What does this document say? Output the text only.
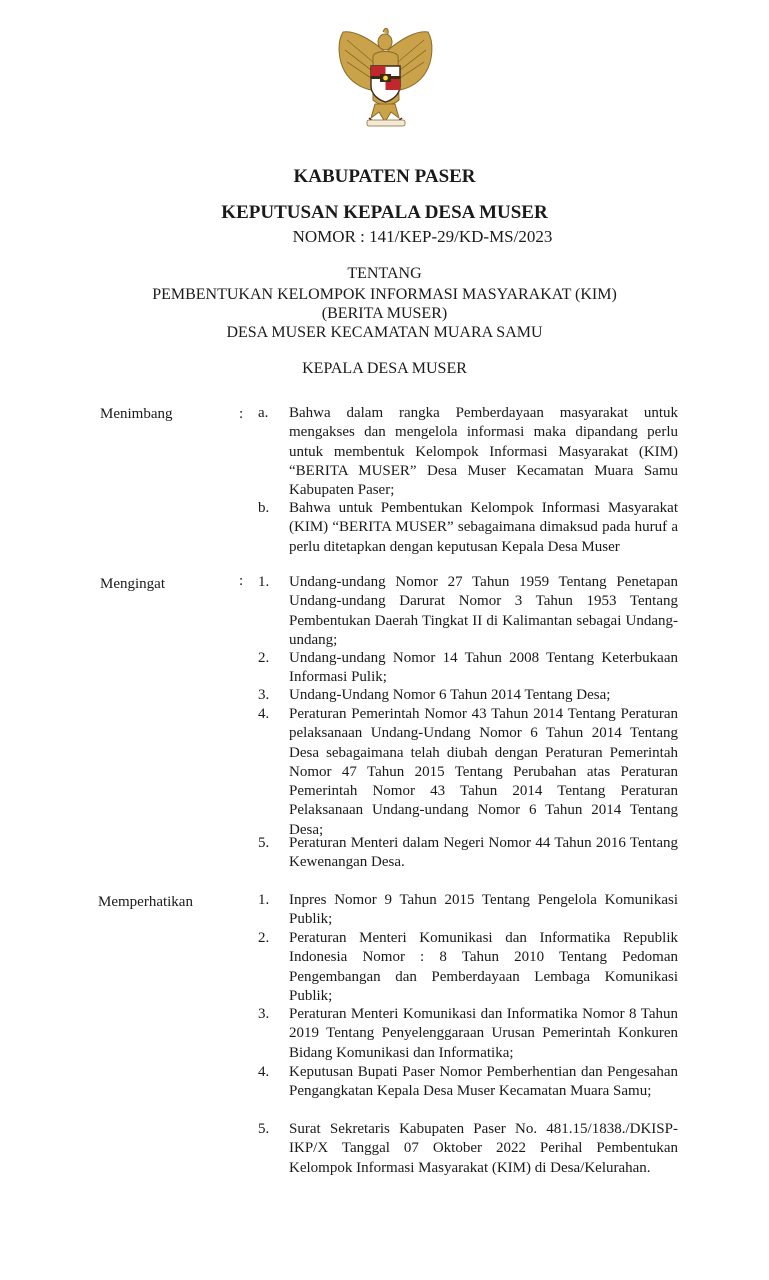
KABUPATEN PASER
KEPUTUSAN KEPALA DESA MUSER
NOMOR : 141/KEP-29/KD-MS/2023
TENTANG
PEMBENTUKAN KELOMPOK INFORMASI MASYARAKAT (KIM)
(BERITA MUSER)
DESA MUSER KECAMATAN MUARA SAMU
KEPALA DESA MUSER
Menimbang	: a.	Bahwa dalam rangka Pemberdayaan masyarakat untuk mengakses dan mengelola informasi maka dipandang perlu untuk membentuk Kelompok Informasi Masyarakat (KIM) “BERITA MUSER” Desa Muser Kecamatan Muara Samu Kabupaten Paser;
b.	Bahwa untuk Pembentukan Kelompok Informasi Masyarakat (KIM) “BERITA MUSER” sebagaimana dimaksud pada huruf a perlu ditetapkan dengan keputusan Kepala Desa Muser
Mengingat	: 1.	Undang-undang Nomor 27 Tahun 1959 Tentang Penetapan Undang-undang Darurat Nomor 3 Tahun 1953 Tentang Pembentukan Daerah Tingkat II di Kalimantan sebagai Undang-undang;
2.	Undang-undang Nomor 14 Tahun 2008 Tentang Keterbukaan Informasi Pulik;
3.	Undang-Undang Nomor 6 Tahun 2014 Tentang Desa;
4.	Peraturan Pemerintah Nomor 43 Tahun 2014 Tentang Peraturan pelaksanaan Undang-Undang Nomor 6 Tahun 2014 Tentang Desa sebagaimana telah diubah dengan Peraturan Pemerintah Nomor 47 Tahun 2015 Tentang Perubahan atas Peraturan Pemerintah Nomor 43 Tahun 2014 Tentang Peraturan Pelaksanaan Undang-undang Nomor 6 Tahun 2014 Tentang Desa;
5.	Peraturan Menteri dalam Negeri Nomor 44 Tahun 2016 Tentang Kewenangan Desa.
Memperhatikan	1.	Inpres Nomor 9 Tahun 2015 Tentang Pengelola Komunikasi Publik;
2.	Peraturan Menteri Komunikasi dan Informatika Republik Indonesia Nomor : 8 Tahun 2010 Tentang Pedoman Pengembangan dan Pemberdayaan Lembaga Komunikasi Publik;
3.	Peraturan Menteri Komunikasi dan Informatika Nomor 8 Tahun 2019 Tentang Penyelenggaraan Urusan Pemerintah Konkuren Bidang Komunikasi dan Informatika;
4.	Keputusan Bupati Paser Nomor Pemberhentian dan Pengesahan Pengangkatan Kepala Desa Muser Kecamatan Muara Samu;
5.	Surat Sekretaris Kabupaten Paser No. 481.15/1838./DKISP-IKP/X Tanggal 07 Oktober 2022 Perihal Pembentukan Kelompok Informasi Masyarakat (KIM) di Desa/Kelurahan.
